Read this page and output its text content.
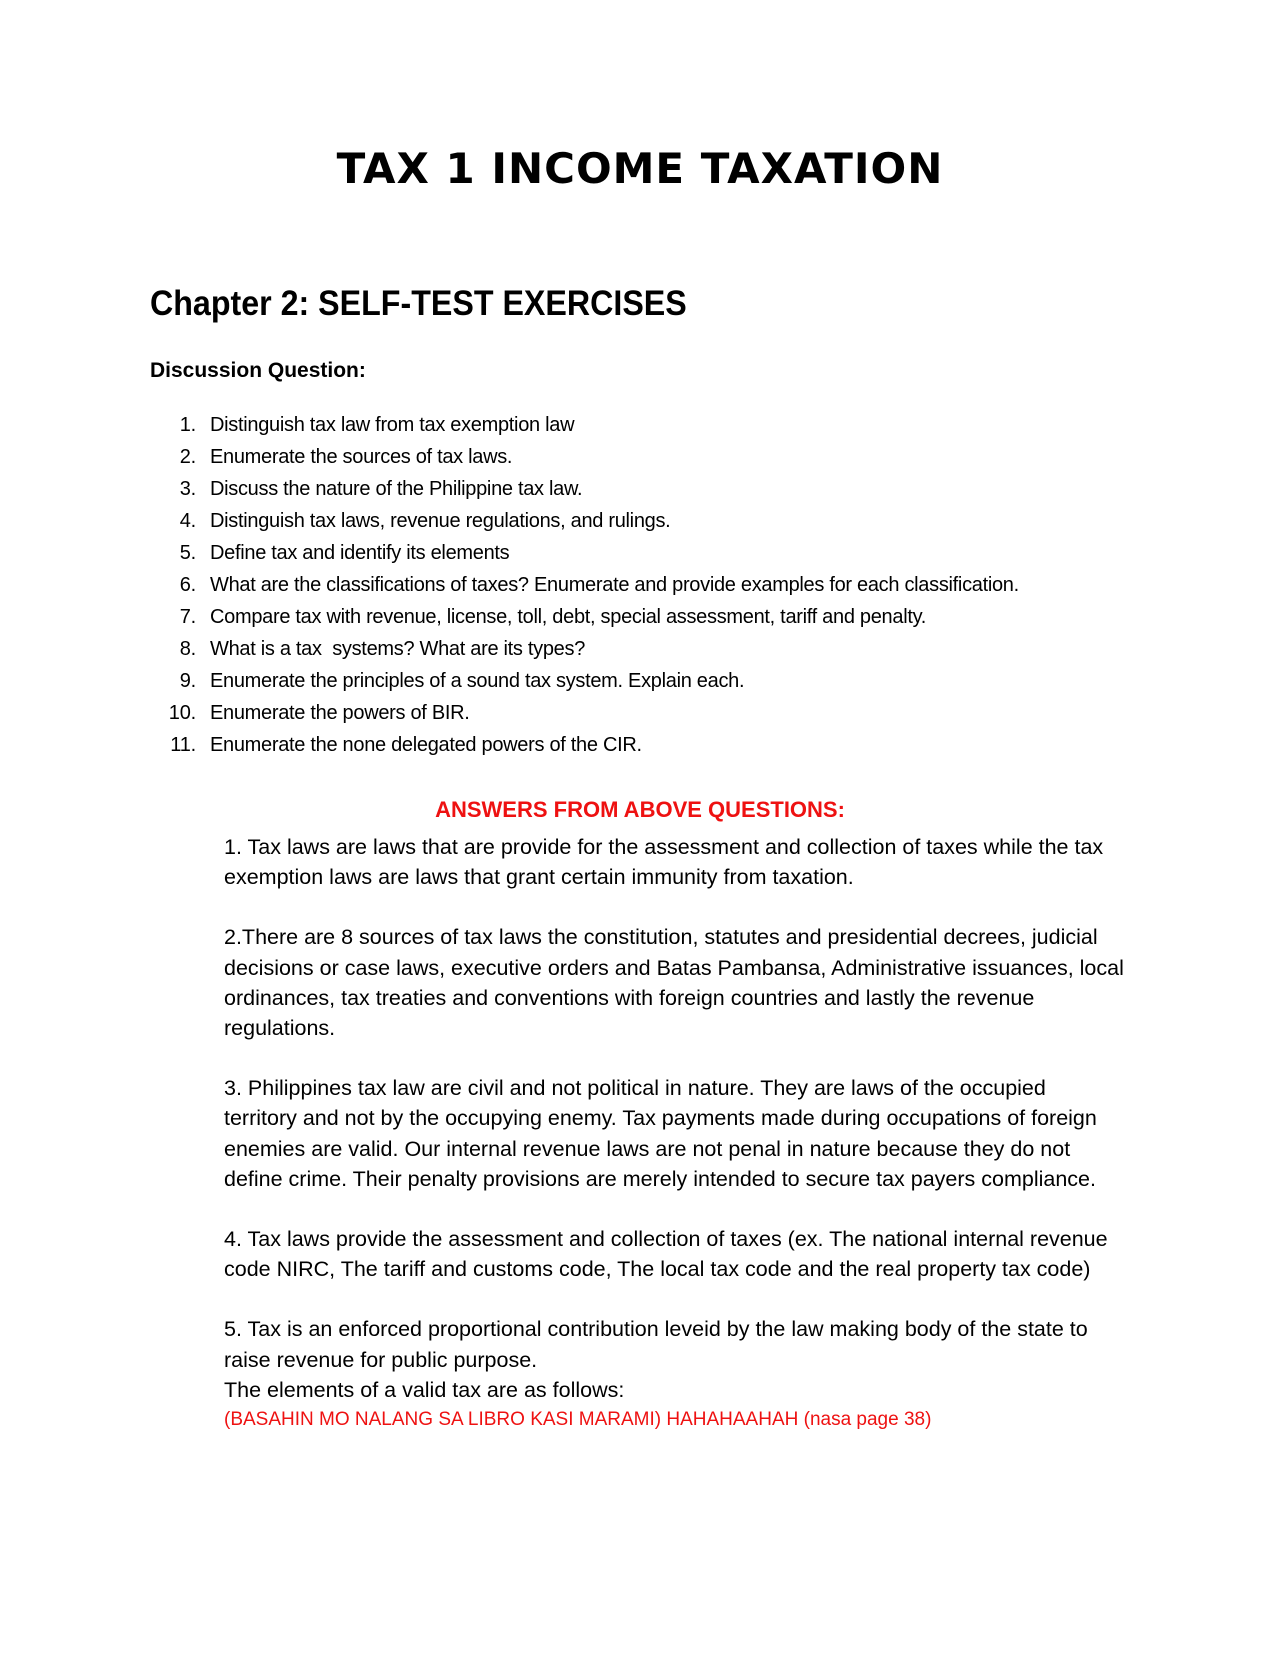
TAX 1 INCOME TAXATION
Chapter 2: SELF-TEST EXERCISES
Discussion Question:
1. Distinguish tax law from tax exemption law
2. Enumerate the sources of tax laws.
3. Discuss the nature of the Philippine tax law.
4. Distinguish tax laws, revenue regulations, and rulings.
5. Define tax and identify its elements
6. What are the classifications of taxes? Enumerate and provide examples for each classification.
7. Compare tax with revenue, license, toll, debt, special assessment, tariff and penalty.
8. What is a tax  systems? What are its types?
9. Enumerate the principles of a sound tax system. Explain each.
10. Enumerate the powers of BIR.
11. Enumerate the none delegated powers of the CIR.
ANSWERS FROM ABOVE QUESTIONS:

1. Tax laws are laws that are provide for the assessment and collection of taxes while the tax exemption laws are laws that grant certain immunity from taxation.

2.There are 8 sources of tax laws the constitution, statutes and presidential decrees, judicial decisions or case laws, executive orders and Batas Pambansa, Administrative issuances, local ordinances, tax treaties and conventions with foreign countries and lastly the revenue regulations.

3. Philippines tax law are civil and not political in nature. They are laws of the occupied territory and not by the occupying enemy. Tax payments made during occupations of foreign enemies are valid. Our internal revenue laws are not penal in nature because they do not define crime. Their penalty provisions are merely intended to secure tax payers compliance.

4. Tax laws provide the assessment and collection of taxes (ex. The national internal revenue code NIRC, The tariff and customs code, The local tax code and the real property tax code)

5. Tax is an enforced proportional contribution leveid by the law making body of the state to raise revenue for public purpose.

The elements of a valid tax are as follows:

(BASAHIN MO NALANG SA LIBRO KASI MARAMI) HAHAHAAHAH (nasa page 38)
